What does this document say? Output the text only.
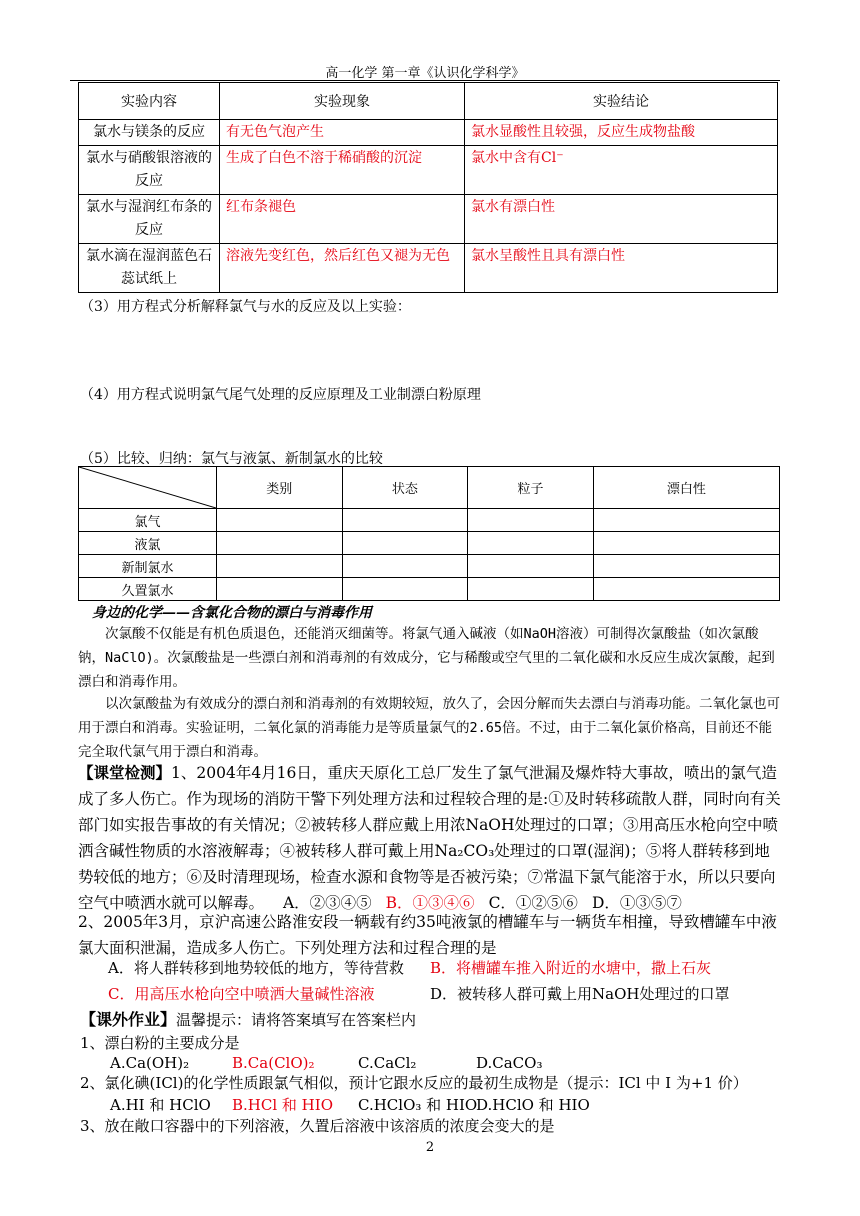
高一化学 第一章《认识化学科学》
实验内容	实验现象	实验结论
氯水与镁条的反应	有无色气泡产生	氯水显酸性且较强，反应生成物盐酸
氯水与硝酸银溶液的反应	生成了白色不溶于稀硝酸的沉淀	氯水中含有Cl⁻
氯水与湿润红布条的反应	红布条褪色	氯水有漂白性
氯水滴在湿润蓝色石蕊试纸上	溶液先变红色，然后红色又褪为无色	氯水呈酸性且具有漂白性
（3）用方程式分析解释氯气与水的反应及以上实验：
（4）用方程式说明氯气尾气处理的反应原理及工业制漂白粉原理
（5）比较、归纳：氯气与液氯、新制氯水的比较
	类别	状态	粒子	漂白性
氯气				
液氯				
新制氯水				
久置氯水				
身边的化学——含氯化合物的漂白与消毒作用
次氯酸不仅能是有机色质退色，还能消灭细菌等。将氯气通入碱液（如NaOH溶液）可制得次氯酸盐（如次氯酸钠，NaClO)。次氯酸盐是一些漂白剂和消毒剂的有效成分，它与稀酸或空气里的二氧化碳和水反应生成次氯酸，起到漂白和消毒作用。
以次氯酸盐为有效成分的漂白剂和消毒剂的有效期较短，放久了，会因分解而失去漂白与消毒功能。二氧化氯也可用于漂白和消毒。实验证明，二氧化氯的消毒能力是等质量氯气的2.65倍。不过，由于二氧化氯价格高，目前还不能完全取代氯气用于漂白和消毒。
【课堂检测】1、2004年4月16日，重庆天原化工总厂发生了氯气泄漏及爆炸特大事故，喷出的氯气造成了多人伤亡。作为现场的消防干警下列处理方法和过程较合理的是:①及时转移疏散人群，同时向有关部门如实报告事故的有关情况；②被转移人群应戴上用浓NaOH处理过的口罩；③用高压水枪向空中喷洒含碱性物质的水溶液解毒；④被转移人群可戴上用Na₂CO₃处理过的口罩(湿润)；⑤将人群转移到地势较低的地方；⑥及时清理现场，检查水源和食物等是否被污染；⑦常温下氯气能溶于水，所以只要向空气中喷洒水就可以解毒。 A．②③④⑤ B．①③④⑥ C．①②⑤⑥ D．①③⑤⑦
2、2005年3月，京沪高速公路淮安段一辆载有约35吨液氯的槽罐车与一辆货车相撞，导致槽罐车中液氯大面积泄漏，造成多人伤亡。下列处理方法和过程合理的是
A．将人群转移到地势较低的地方，等待营救 B．将槽罐车推入附近的水塘中，撒上石灰
C．用高压水枪向空中喷洒大量碱性溶液	D．被转移人群可戴上用NaOH处理过的口罩
【课外作业】温馨提示：请将答案填写在答案栏内
1、漂白粉的主要成分是
A.Ca(OH)₂	B.Ca(ClO)₂	C.CaCl₂	D.CaCO₃
2、氯化碘(ICl)的化学性质跟氯气相似，预计它跟水反应的最初生成物是（提示：ICl 中 I 为+1 价）
A.HI 和 HClO B.HCl 和 HIO C.HClO₃ 和 HIO
D.HClO 和 HIO
3、放在敞口容器中的下列溶液，久置后溶液中该溶质的浓度会变大的是
2
